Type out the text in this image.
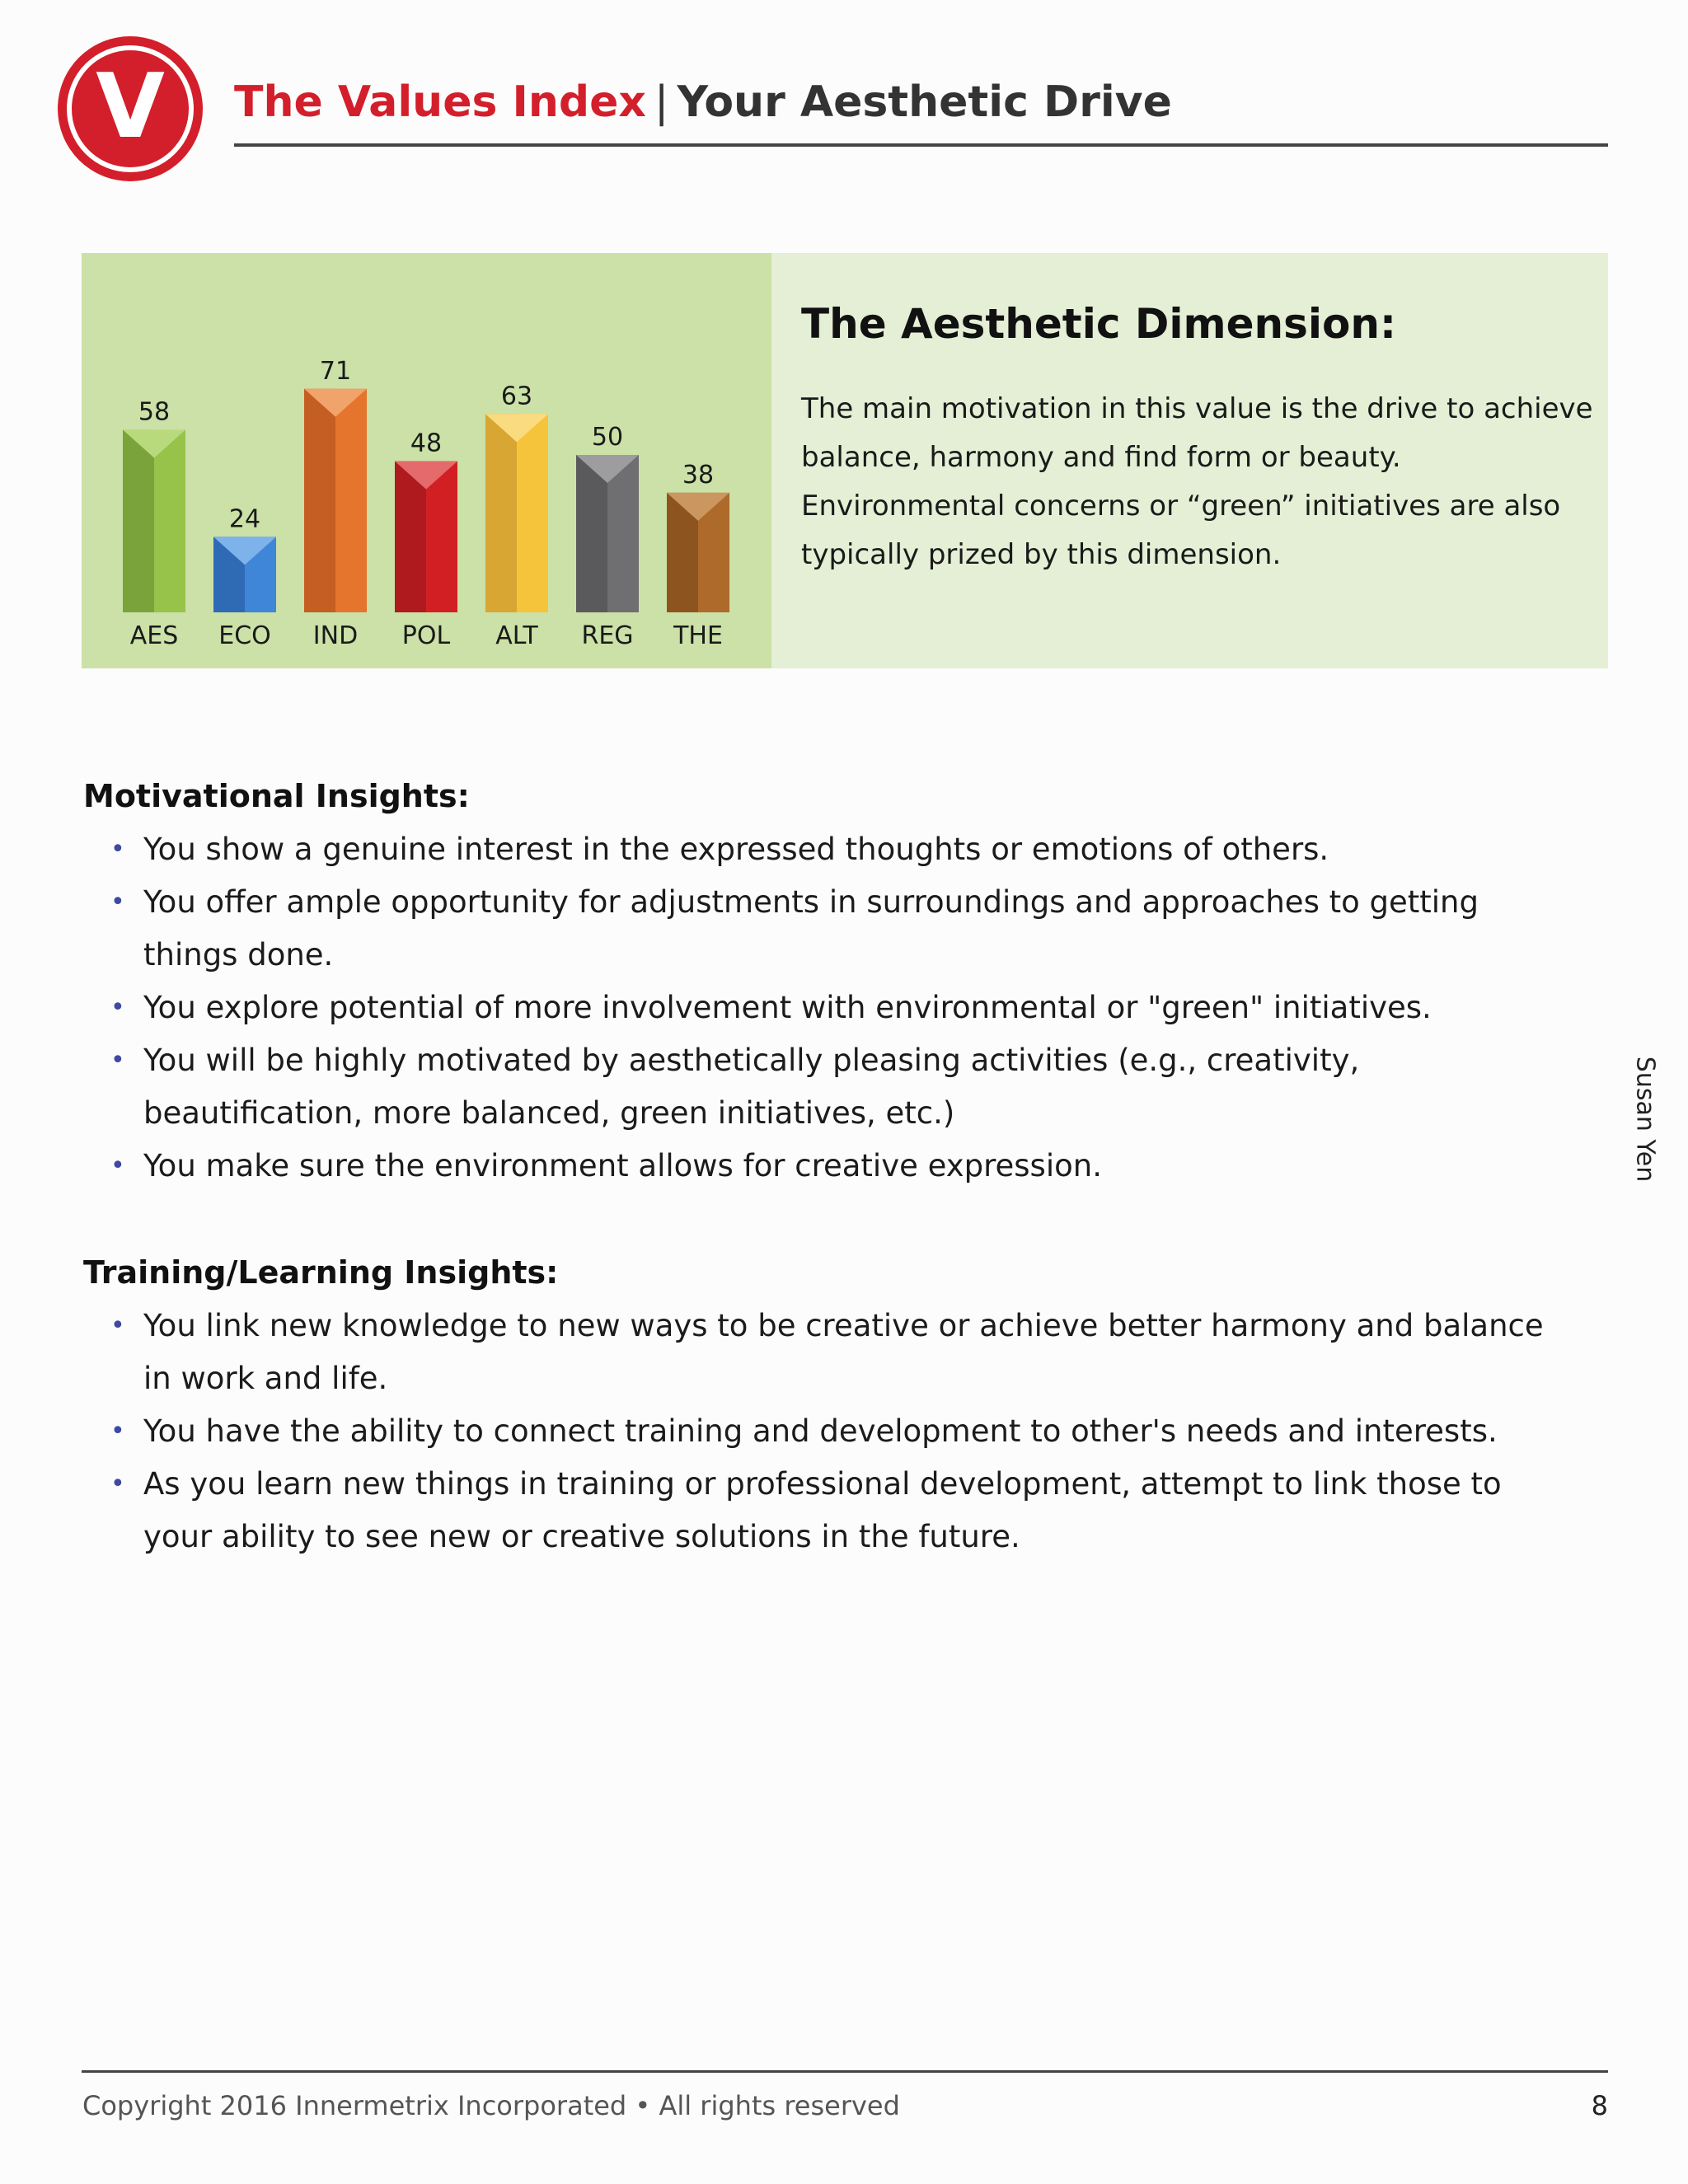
V The Values Index | Your Aesthetic Drive
58
AES
24
ECO
71
IND
48
POL
63
ALT
50
REG
38
THE
The Aesthetic Dimension:

The main motivation in this value is the drive to achieve balance, harmony and find form or beauty. Environmental concerns or “green” initiatives are also typically prized by this dimension.

Motivational Insights:
• You show a genuine interest in the expressed thoughts or emotions of others.
• You offer ample opportunity for adjustments in surroundings and approaches to getting things done.
• You explore potential of more involvement with environmental or "green" initiatives.
• You will be highly motivated by aesthetically pleasing activities (e.g., creativity, beautification, more balanced, green initiatives, etc.)
• You make sure the environment allows for creative expression.
Training/Learning Insights:
• You link new knowledge to new ways to be creative or achieve better harmony and balance in work and life.
• You have the ability to connect training and development to other's needs and interests.
• As you learn new things in training or professional development, attempt to link those to your ability to see new or creative solutions in the future.
Susan Yen
Copyright 2016 Innermetrix Incorporated • All rights reserved	8
